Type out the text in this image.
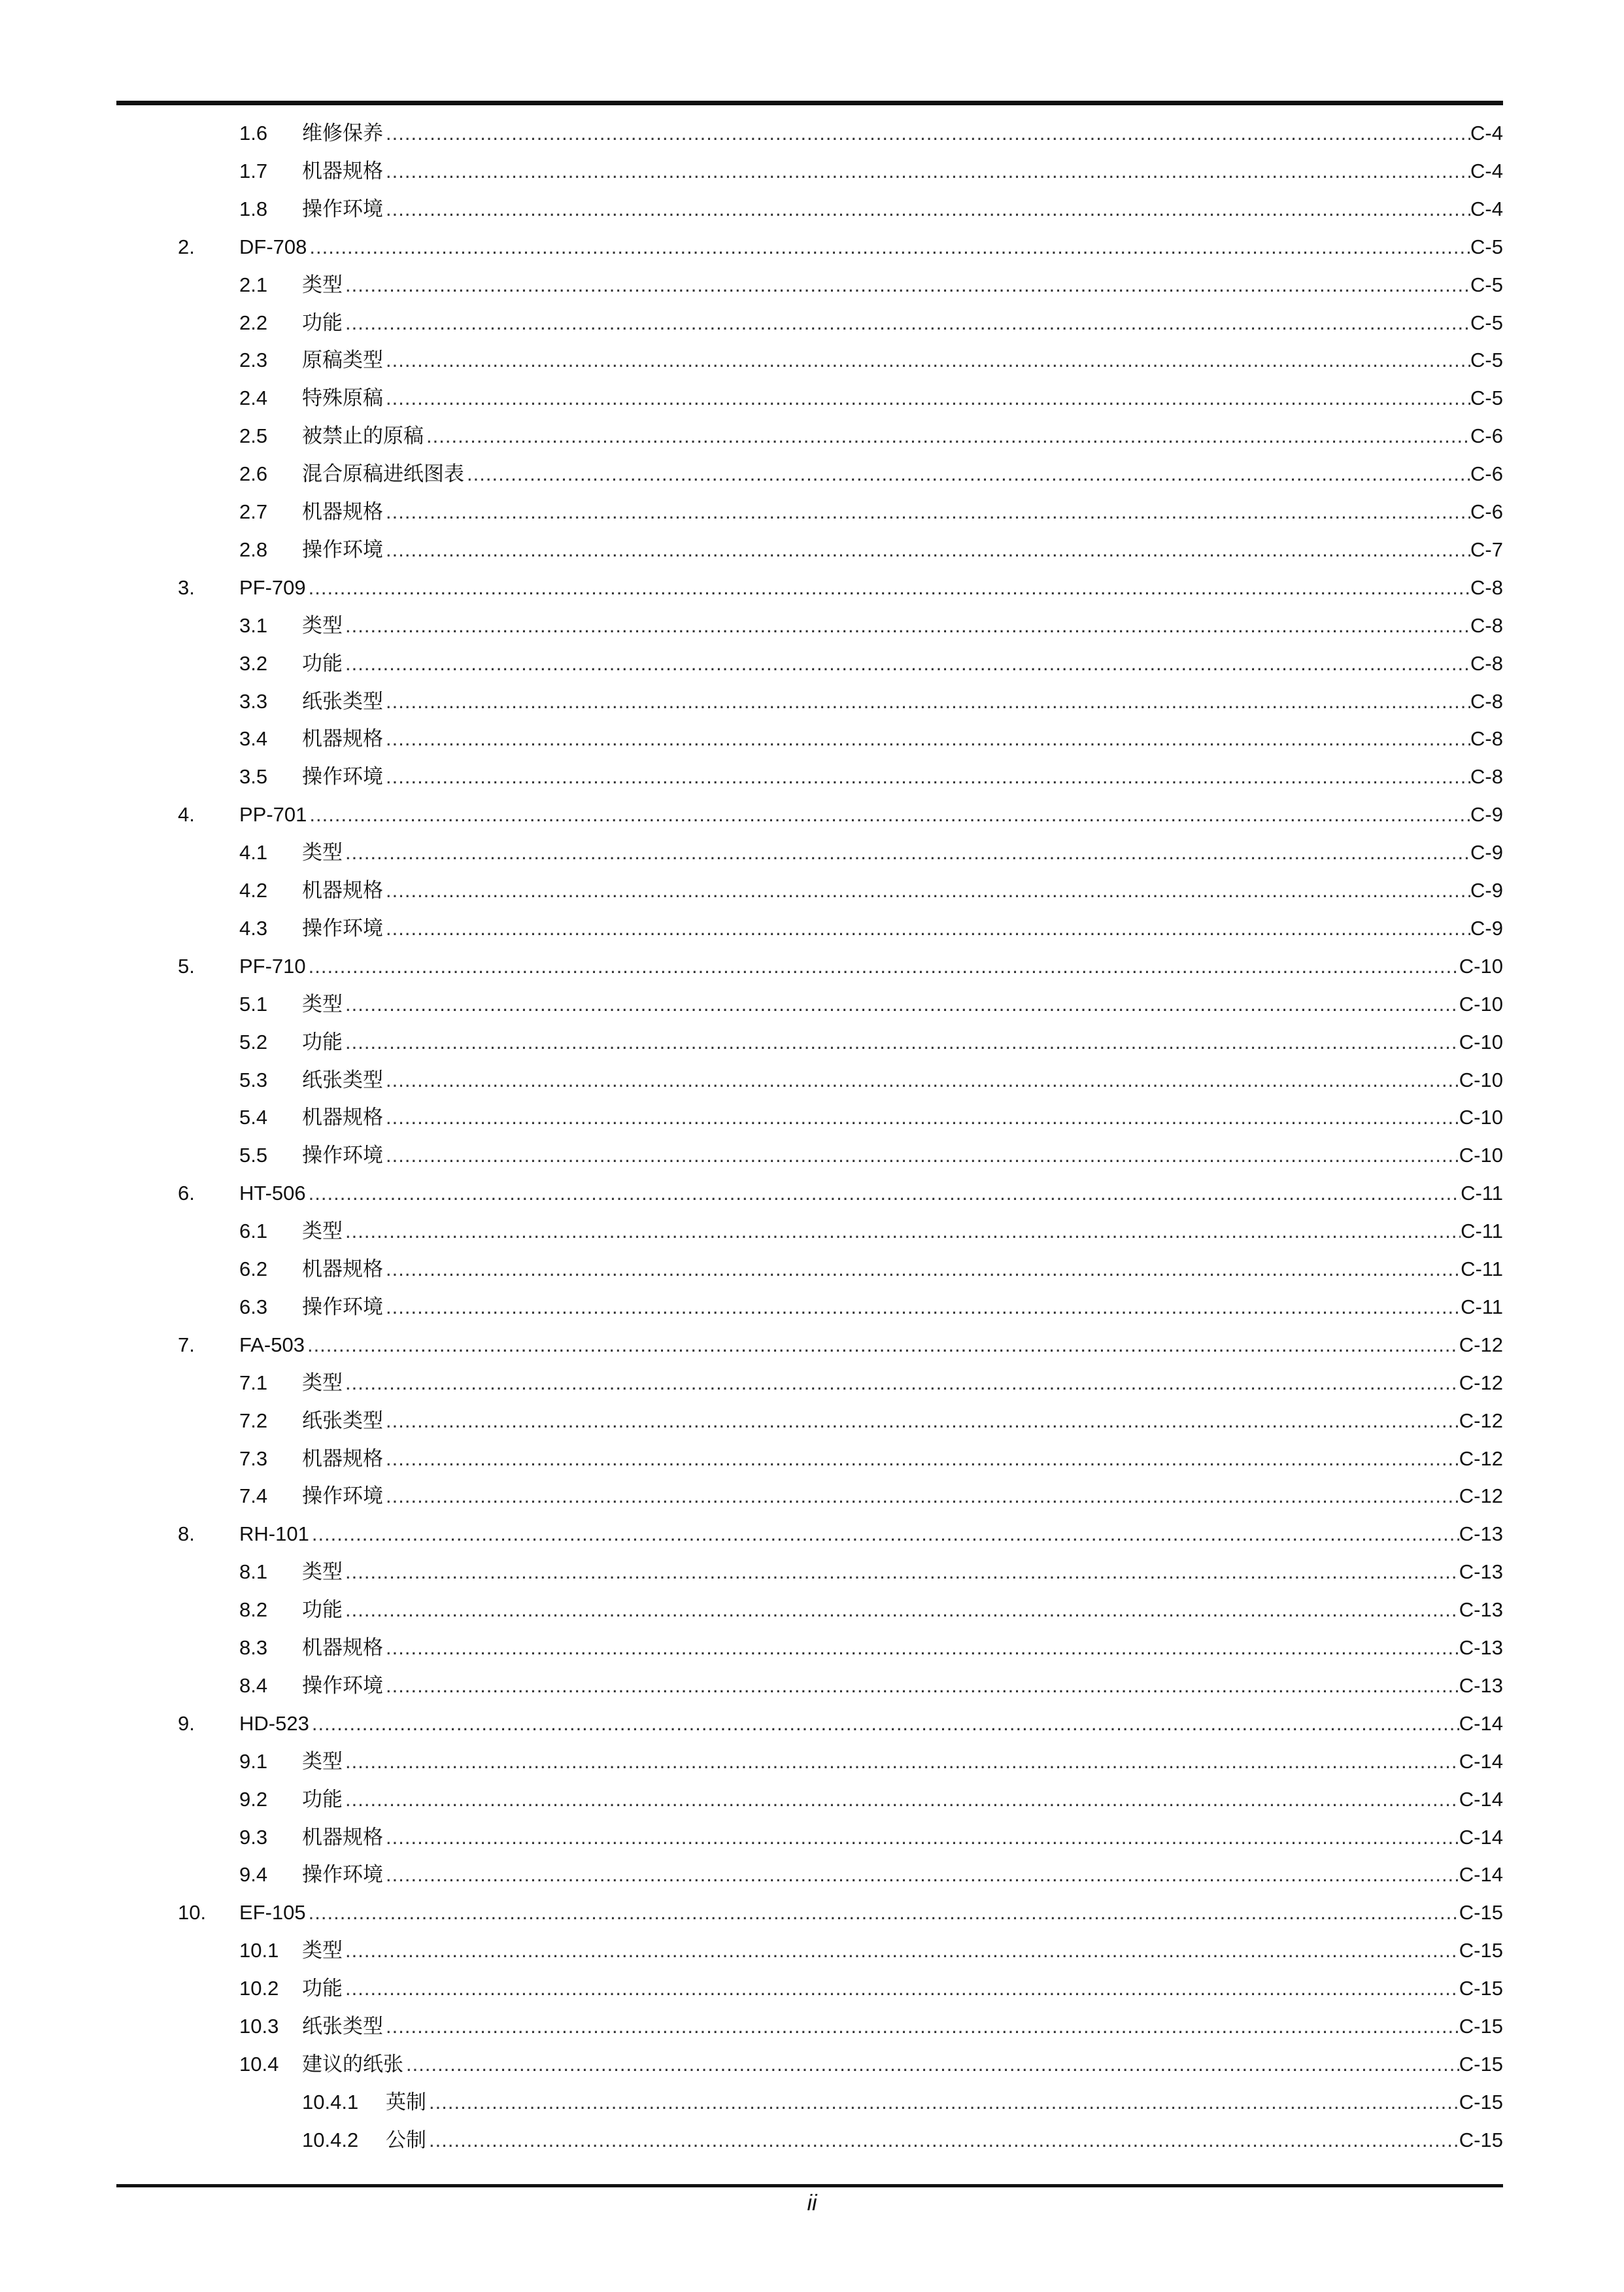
1.6 维修保养 .....	C-4
1.7 机器规格 .....	C-4
1.8 操作环境 .....	C-4
2. DF-708 .....	C-5
2.1 类型 .....	C-5
2.2 功能 .....	C-5
2.3 原稿类型 .....	C-5
2.4 特殊原稿 .....	C-5
2.5 被禁止的原稿 .....	C-6
2.6 混合原稿进纸图表 .....	C-6
2.7 机器规格 .....	C-6
2.8 操作环境 .....	C-7
3. PF-709 .....	C-8
3.1 类型 .....	C-8
3.2 功能 .....	C-8
3.3 纸张类型 .....	C-8
3.4 机器规格 .....	C-8
3.5 操作环境 .....	C-8
4. PP-701 .....	C-9
4.1 类型 .....	C-9
4.2 机器规格 .....	C-9
4.3 操作环境 .....	C-9
5. PF-710 .....	C-10
5.1 类型 .....	C-10
5.2 功能 .....	C-10
5.3 纸张类型 .....	C-10
5.4 机器规格 .....	C-10
5.5 操作环境 .....	C-10
6. HT-506 .....	C-11
6.1 类型 .....	C-11
6.2 机器规格 .....	C-11
6.3 操作环境 .....	C-11
7. FA-503 .....	C-12
7.1 类型 .....	C-12
7.2 纸张类型 .....	C-12
7.3 机器规格 .....	C-12
7.4 操作环境 .....	C-12
8. RH-101 .....	C-13
8.1 类型 .....	C-13
8.2 功能 .....	C-13
8.3 机器规格 .....	C-13
8.4 操作环境 .....	C-13
9. HD-523 .....	C-14
9.1 类型 .....	C-14
9.2 功能 .....	C-14
9.3 机器规格 .....	C-14
9.4 操作环境 .....	C-14
10. EF-105 .....	C-15
10.1 类型 .....	C-15
10.2 功能 .....	C-15
10.3 纸张类型 .....	C-15
10.4 建议的纸张 .....	C-15
10.4.1 英制 .....	C-15
10.4.2 公制 .....	C-15
ii
